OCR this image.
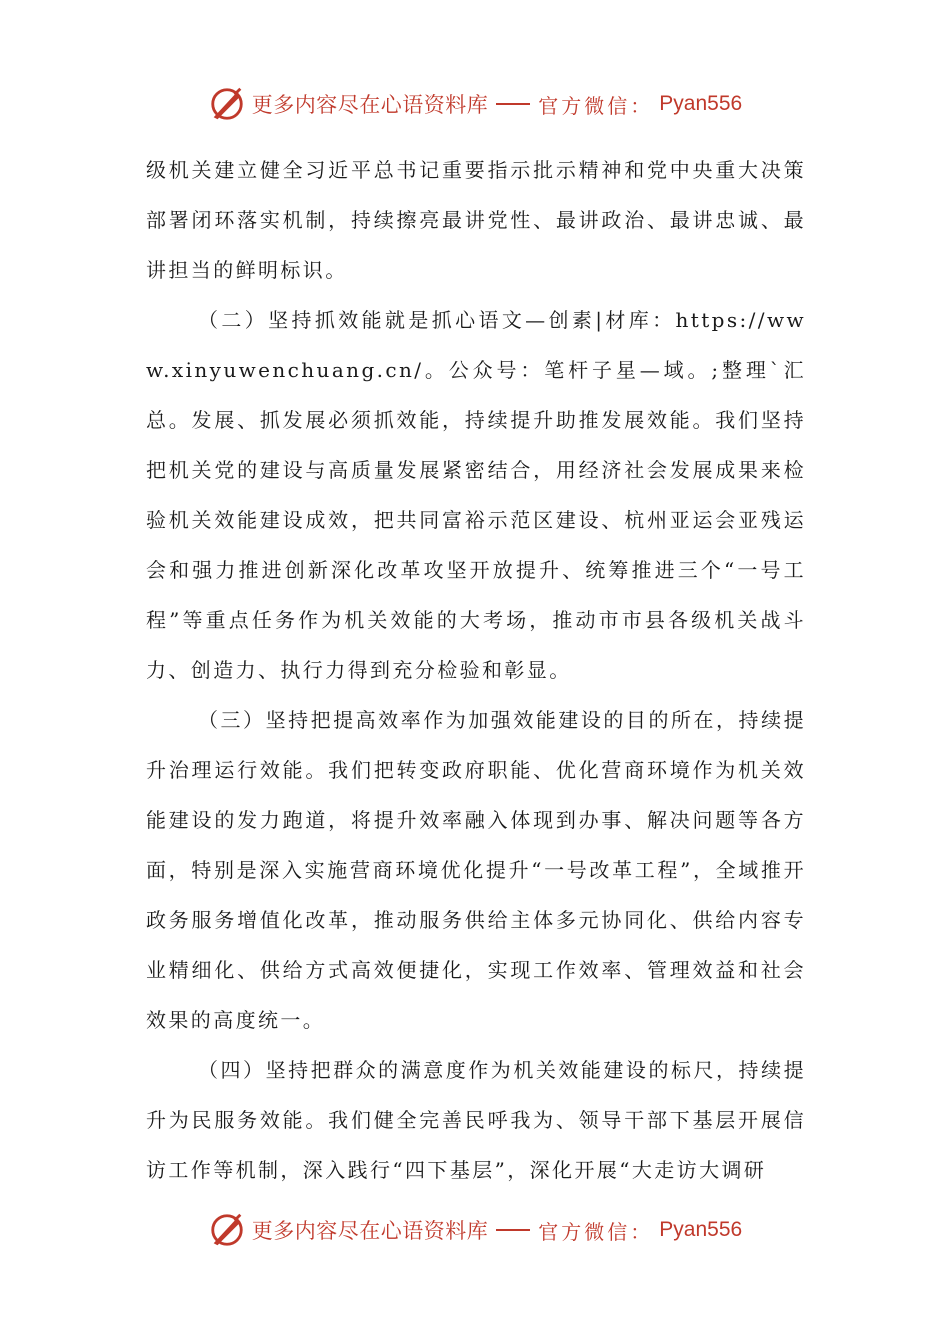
更多内容尽在心语资料库	官方微信： Pyan556

级机关建立健全习近平总书记重要指示批示精神和党中央重大决策部署闭环落实机制，持续擦亮最讲党性、最讲政治、最讲忠诚、最讲担当的鲜明标识。

（二）坚持抓效能就是抓心语文—创素|材库：https://www.xinyuwenchuang.cn/。公众号：笔杆子星—域。;整理`汇总。发展、抓发展必须抓效能，持续提升助推发展效能。我们坚持把机关党的建设与高质量发展紧密结合，用经济社会发展成果来检验机关效能建设成效，把共同富裕示范区建设、杭州亚运会亚残运会和强力推进创新深化改革攻坚开放提升、统筹推进三个“一号工程”等重点任务作为机关效能的大考场，推动市市县各级机关战斗力、创造力、执行力得到充分检验和彰显。

（三）坚持把提高效率作为加强效能建设的目的所在，持续提升治理运行效能。我们把转变政府职能、优化营商环境作为机关效能建设的发力跑道，将提升效率融入体现到办事、解决问题等各方面，特别是深入实施营商环境优化提升“一号改革工程”，全域推开政务服务增值化改革，推动服务供给主体多元协同化、供给内容专业精细化、供给方式高效便捷化，实现工作效率、管理效益和社会效果的高度统一。

（四）坚持把群众的满意度作为机关效能建设的标尺，持续提升为民服务效能。我们健全完善民呼我为、领导干部下基层开展信访工作等机制，深入践行“四下基层”，深化开展“大走访大调研

更多内容尽在心语资料库	官方微信： Pyan556
